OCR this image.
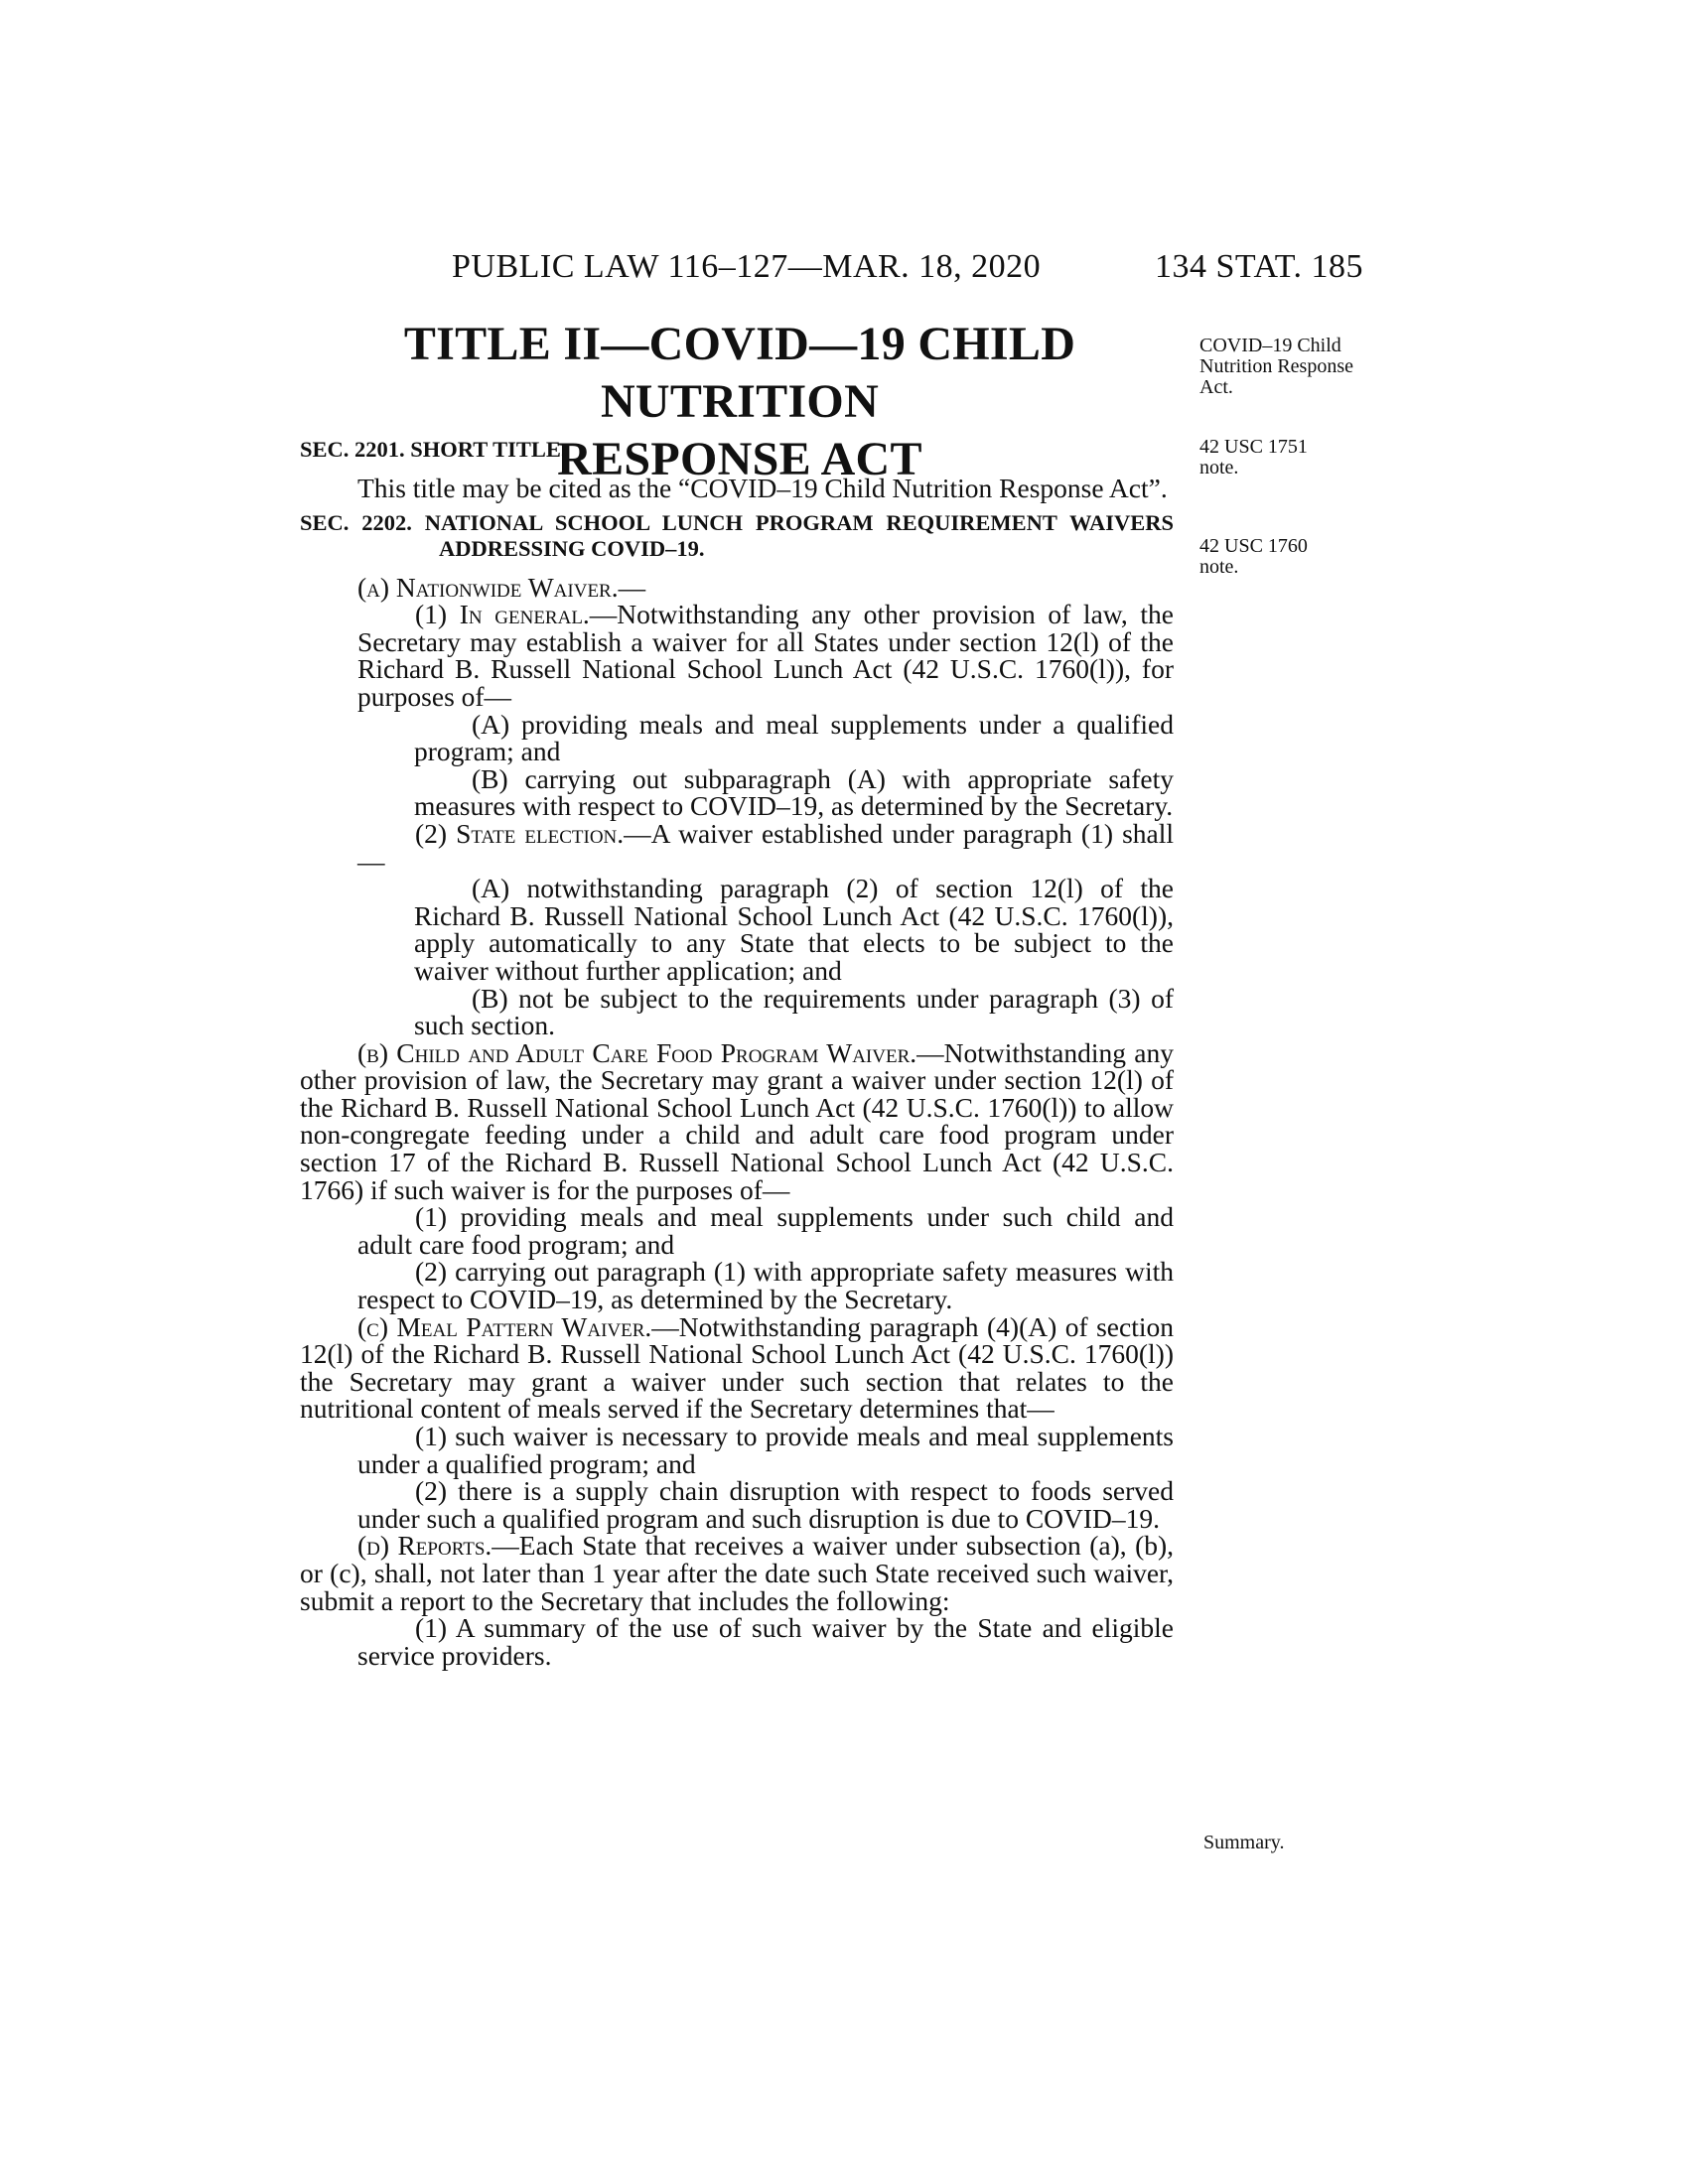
PUBLIC LAW 116–127—MAR. 18, 2020	134 STAT. 185
TITLE II—COVID—19 CHILD NUTRITION
RESPONSE ACT
COVID–19 Child Nutrition Response Act.
42 USC 1751 note.
42 USC 1760 note.
Summary.

SEC. 2201. SHORT TITLE.

This title may be cited as the “COVID–19 Child Nutrition Response Act”.

SEC. 2202. NATIONAL SCHOOL LUNCH PROGRAM REQUIREMENT WAIVERS ADDRESSING COVID–19.

(a) Nationwide Waiver.—

(1) In general.—Notwithstanding any other provision of law, the Secretary may establish a waiver for all States under section 12(l) of the Richard B. Russell National School Lunch Act (42 U.S.C. 1760(l)), for purposes of—

(A) providing meals and meal supplements under a qualified program; and

(B) carrying out subparagraph (A) with appropriate safety measures with respect to COVID–19, as determined by the Secretary.

(2) State election.—A waiver established under paragraph (1) shall—

(A) notwithstanding paragraph (2) of section 12(l) of the Richard B. Russell National School Lunch Act (42 U.S.C. 1760(l)), apply automatically to any State that elects to be subject to the waiver without further application; and

(B) not be subject to the requirements under paragraph (3) of such section.

(b) Child and Adult Care Food Program Waiver.—Notwithstanding any other provision of law, the Secretary may grant a waiver under section 12(l) of the Richard B. Russell National School Lunch Act (42 U.S.C. 1760(l)) to allow non-congregate feeding under a child and adult care food program under section 17 of the Richard B. Russell National School Lunch Act (42 U.S.C. 1766) if such waiver is for the purposes of—

(1) providing meals and meal supplements under such child and adult care food program; and

(2) carrying out paragraph (1) with appropriate safety measures with respect to COVID–19, as determined by the Secretary.

(c) Meal Pattern Waiver.—Notwithstanding paragraph (4)(A) of section 12(l) of the Richard B. Russell National School Lunch Act (42 U.S.C. 1760(l)) the Secretary may grant a waiver under such section that relates to the nutritional content of meals served if the Secretary determines that—

(1) such waiver is necessary to provide meals and meal supplements under a qualified program; and

(2) there is a supply chain disruption with respect to foods served under such a qualified program and such disruption is due to COVID–19.

(d) Reports.—Each State that receives a waiver under subsection (a), (b), or (c), shall, not later than 1 year after the date such State received such waiver, submit a report to the Secretary that includes the following:

(1) A summary of the use of such waiver by the State and eligible service providers.
